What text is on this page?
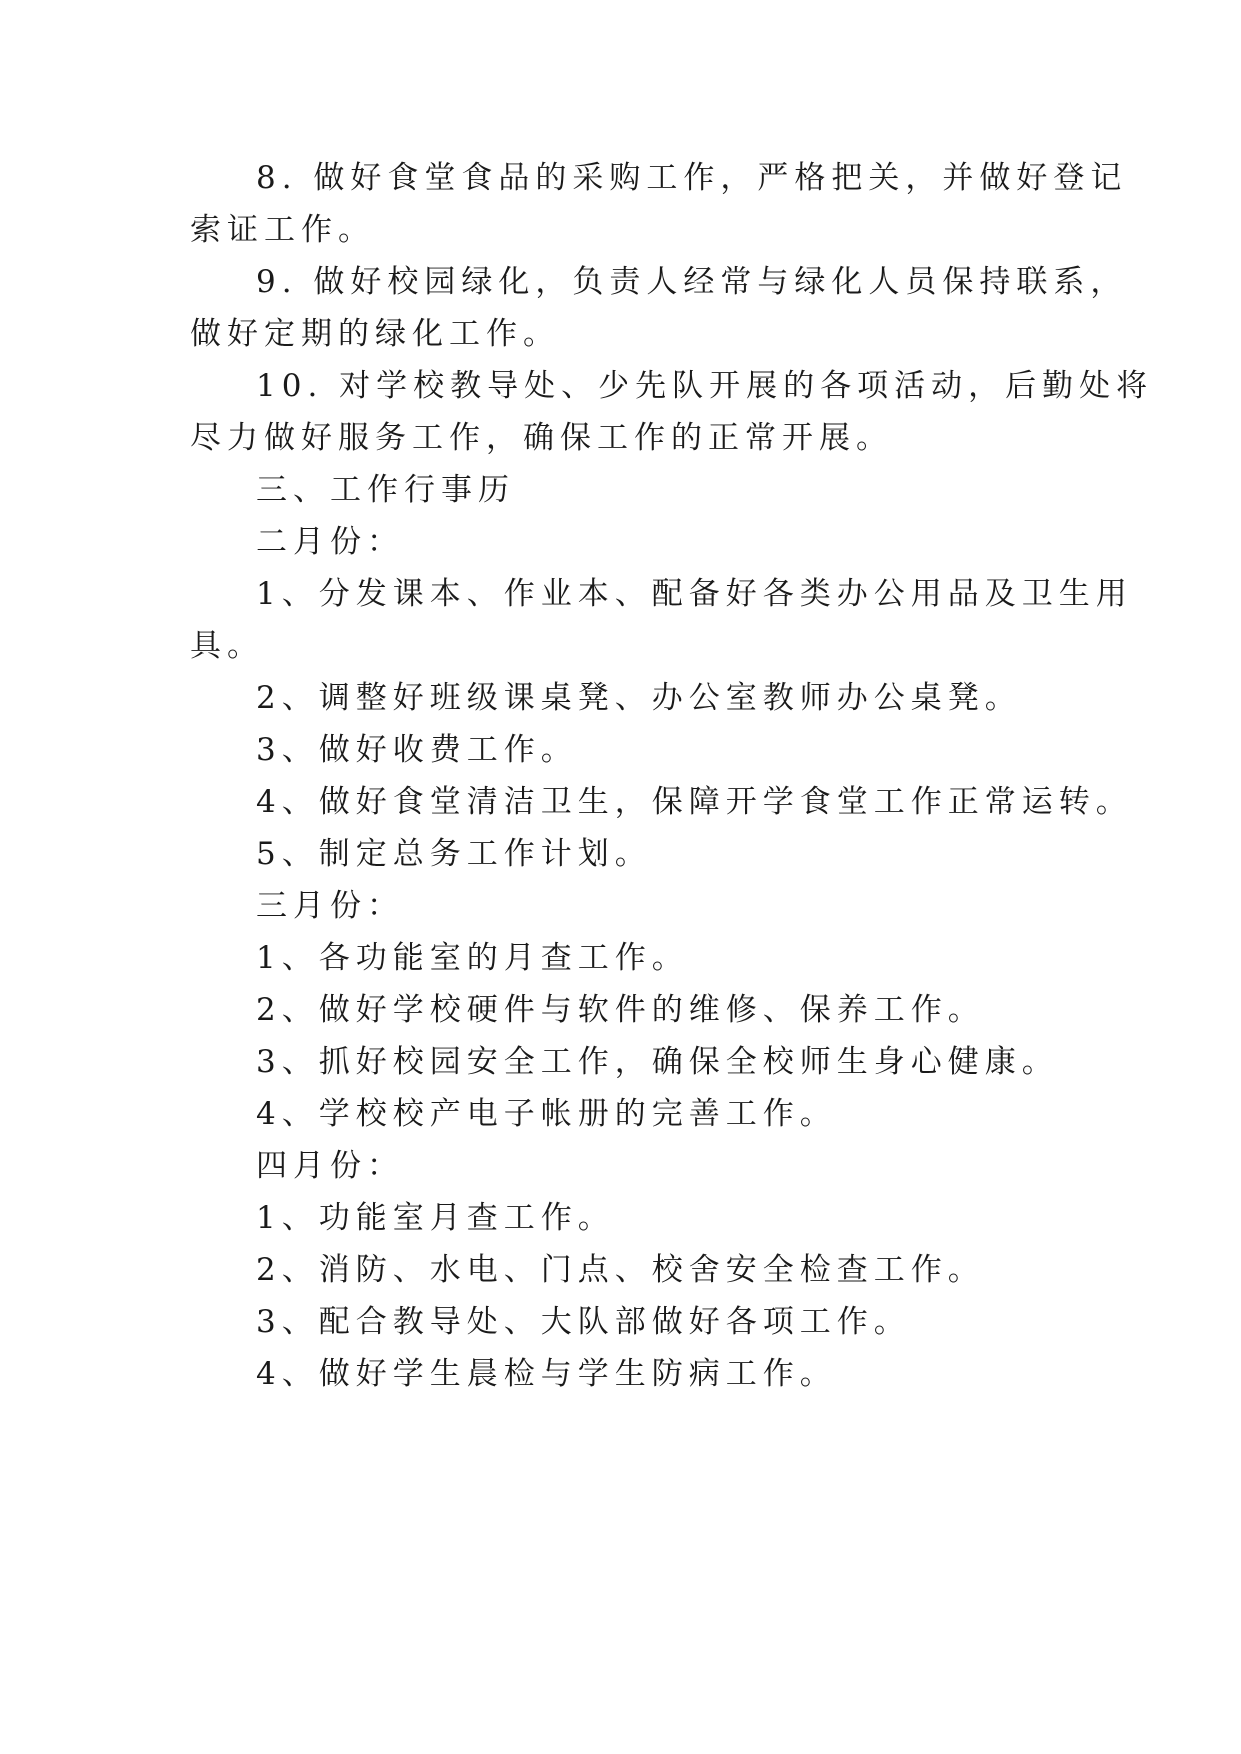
8. 做好食堂食品的采购工作，严格把关，并做好登记
索证工作。
9. 做好校园绿化，负责人经常与绿化人员保持联系，
做好定期的绿化工作。
10. 对学校教导处、少先队开展的各项活动，后勤处将
尽力做好服务工作，确保工作的正常开展。
三、工作行事历
二月份：
1、分发课本、作业本、配备好各类办公用品及卫生用
具。
2、调整好班级课桌凳、办公室教师办公桌凳。
3、做好收费工作。
4、做好食堂清洁卫生，保障开学食堂工作正常运转。
5、制定总务工作计划。
三月份：
1、各功能室的月查工作。
2、做好学校硬件与软件的维修、保养工作。
3、抓好校园安全工作，确保全校师生身心健康。
4、学校校产电子帐册的完善工作。
四月份：
1、功能室月查工作。
2、消防、水电、门点、校舍安全检查工作。
3、配合教导处、大队部做好各项工作。
4、做好学生晨检与学生防病工作。
